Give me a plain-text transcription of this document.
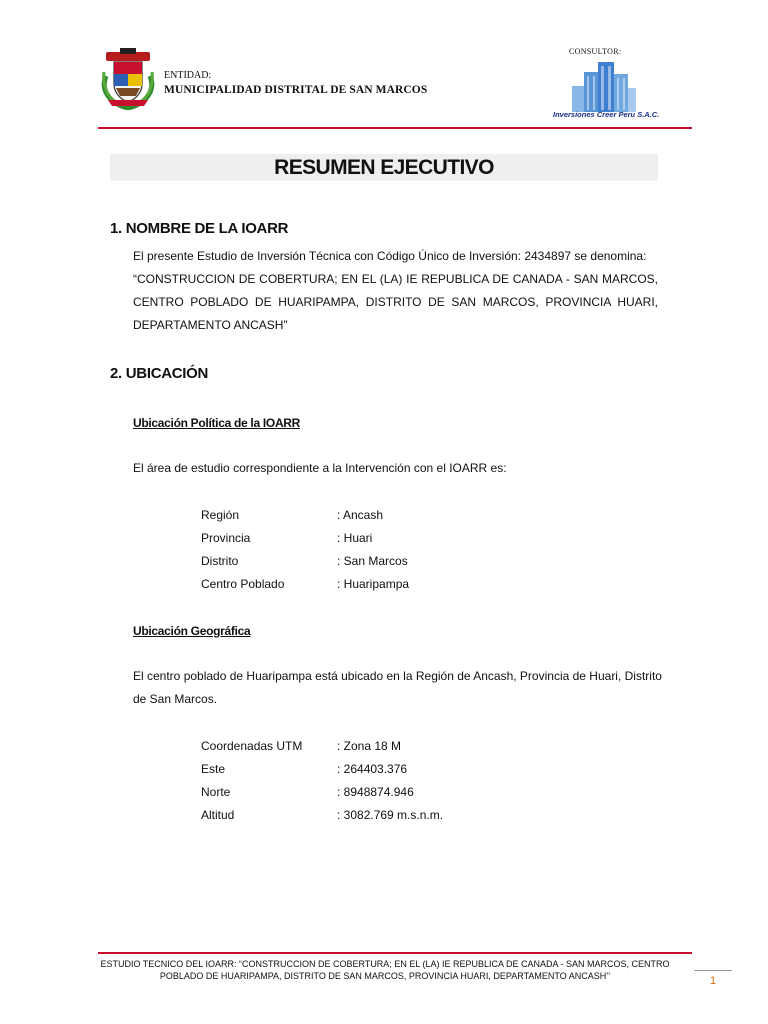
ENTIDAD:
MUNICIPALIDAD DISTRITAL DE SAN MARCOS
CONSULTOR:
Inversiones Creer Peru S.A.C.
RESUMEN EJECUTIVO
1. NOMBRE DE LA IOARR
El presente Estudio de Inversión Técnica con Código Único de Inversión: 2434897 se denomina:
“CONSTRUCCION DE COBERTURA; EN EL (LA) IE REPUBLICA DE CANADA - SAN MARCOS,
CENTRO POBLADO DE HUARIPAMPA, DISTRITO DE SAN MARCOS, PROVINCIA HUARI,
DEPARTAMENTO ANCASH”
2. UBICACIÓN
Ubicación Política de la IOARR
El área de estudio correspondiente a la Intervención con el IOARR es:
Región	: Ancash
Provincia	: Huari
Distrito	: San Marcos
Centro Poblado	: Huaripampa
Ubicación Geográfica
El centro poblado de Huaripampa está ubicado en la Región de Ancash, Provincia de Huari, Distrito
de San Marcos.
Coordenadas UTM	: Zona 18 M
Este	: 264403.376
Norte	: 8948874.946
Altitud	: 3082.769 m.s.n.m.
ESTUDIO TECNICO DEL IOARR: “CONSTRUCCION DE COBERTURA; EN EL (LA) IE REPUBLICA DE CANADA - SAN MARCOS, CENTRO
POBLADO DE HUARIPAMPA, DISTRITO DE SAN MARCOS, PROVINCIA HUARI, DEPARTAMENTO ANCASH’’	1
